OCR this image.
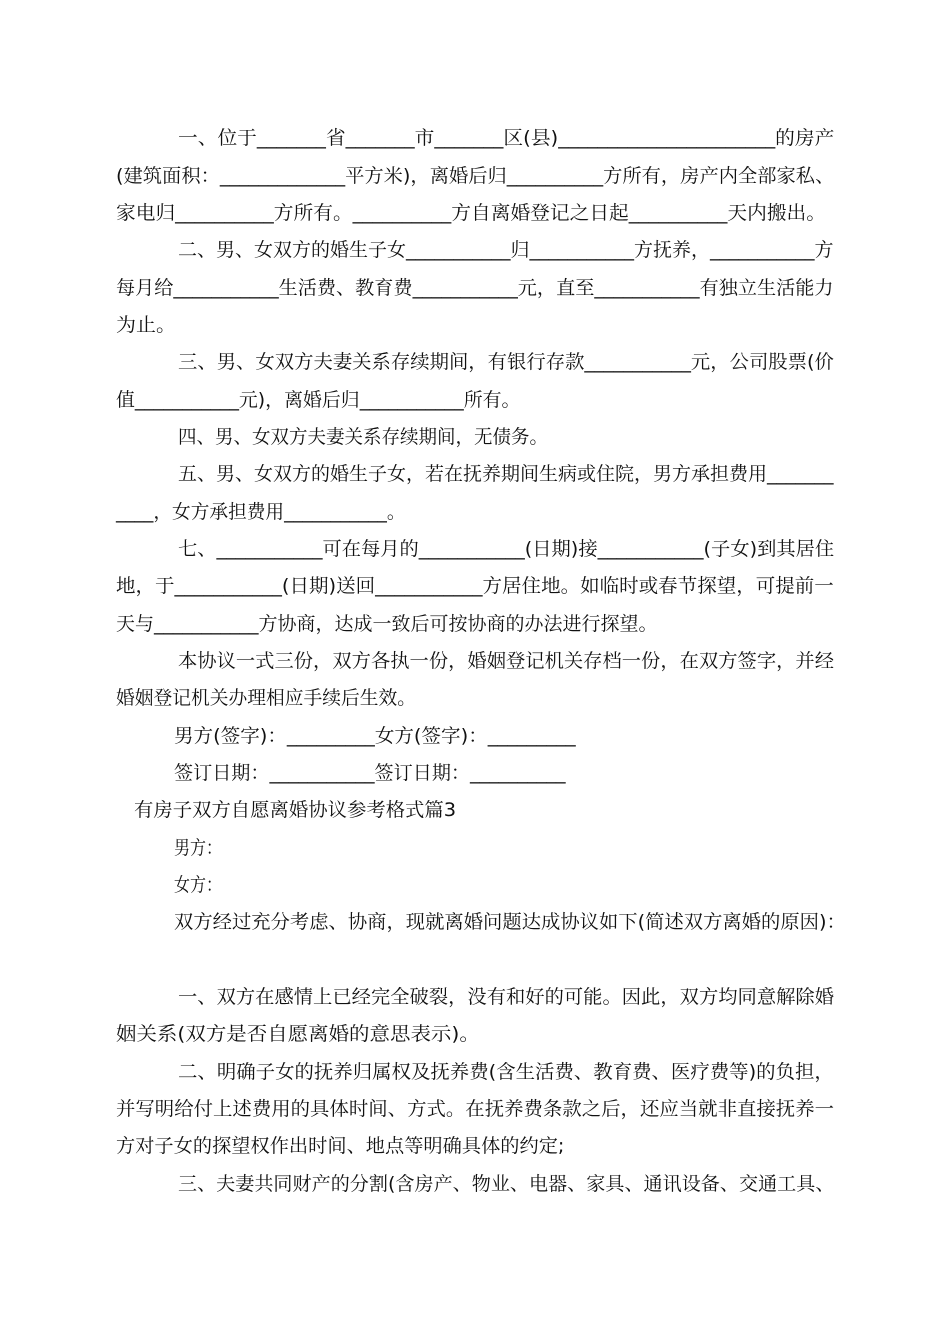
一、位于_______省_______市_______区(县)______________________的房产
(建筑面积：_____________平方米)，离婚后归__________方所有，房产内全部家私、
家电归__________方所有。__________方自离婚登记之日起__________天内搬出。
二、男、女双方的婚生子女___________归___________方抚养，___________方
每月给___________生活费、教育费___________元，直至___________有独立生活能力
为止。
三、男、女双方夫妻关系存续期间，有银行存款___________元，公司股票(价
值___________元)，离婚后归___________所有。
四、男、女双方夫妻关系存续期间，无债务。
五、男、女双方的婚生子女，若在抚养期间生病或住院，男方承担费用_______
____，女方承担费用___________。
七、___________可在每月的___________(日期)接___________(子女)到其居住
地，于___________(日期)送回___________方居住地。如临时或春节探望，可提前一
天与___________方协商，达成一致后可按协商的办法进行探望。
本协议一式三份，双方各执一份，婚姻登记机关存档一份，在双方签字，并经
婚姻登记机关办理相应手续后生效。
男方(签字)：_________女方(签字)：_________
签订日期：___________签订日期：__________
有房子双方自愿离婚协议参考格式篇3
男方：
女方：
双方经过充分考虑、协商，现就离婚问题达成协议如下(简述双方离婚的原因)：
一、双方在感情上已经完全破裂，没有和好的可能。因此，双方均同意解除婚
姻关系(双方是否自愿离婚的意思表示)。
二、明确子女的抚养归属权及抚养费(含生活费、教育费、医疗费等)的负担，
并写明给付上述费用的具体时间、方式。在抚养费条款之后，还应当就非直接抚养一
方对子女的探望权作出时间、地点等明确具体的约定;
三、夫妻共同财产的分割(含房产、物业、电器、家具、通讯设备、交通工具、
